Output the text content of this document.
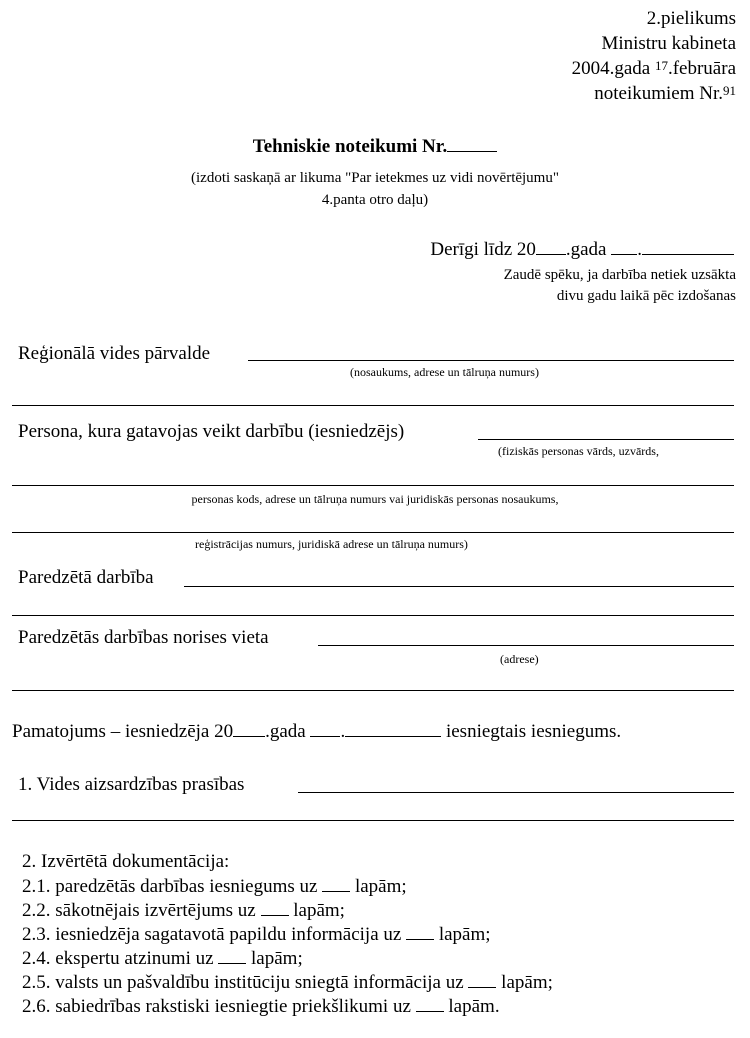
2.pielikums
Ministru kabineta
2004.gada $^{17}$.februāra
noteikumiem Nr.$^{91}$
Tehniskie noteikumi Nr.
(izdoti saskaņā ar likuma "Par ietekmes uz vidi novērtējumu"
4.panta otro daļu)
Derīgi līdz 20 .gada .
Zaudē spēku, ja darbība netiek uzsākta
divu gadu laikā pēc izdošanas
Reģionālā vides pārvalde
(nosaukums, adrese un tālruņa numurs)
Persona, kura gatavojas veikt darbību (iesniedzējs)
(fiziskās personas vārds, uzvārds,
personas kods, adrese un tālruņa numurs vai juridiskās personas nosaukums,
reģistrācijas numurs, juridiskā adrese un tālruņa numurs)
Paredzētā darbība
Paredzētās darbības norises vieta
(adrese)
Pamatojums – iesniedzēja 20 .gada .	iesniegtais iesniegums.
1. Vides aizsardzības prasības
2. Izvērtētā dokumentācija:
2.1. paredzētās darbības iesniegums uz  lapām;
2.2. sākotnējais izvērtējums uz  lapām;
2.3. iesniedzēja sagatavotā papildu informācija uz  lapām;
2.4. ekspertu atzinumi uz  lapām;
2.5. valsts un pašvaldību institūciju sniegtā informācija uz  lapām;
2.6. sabiedrības rakstiski iesniegtie priekšlikumi uz  lapām.
